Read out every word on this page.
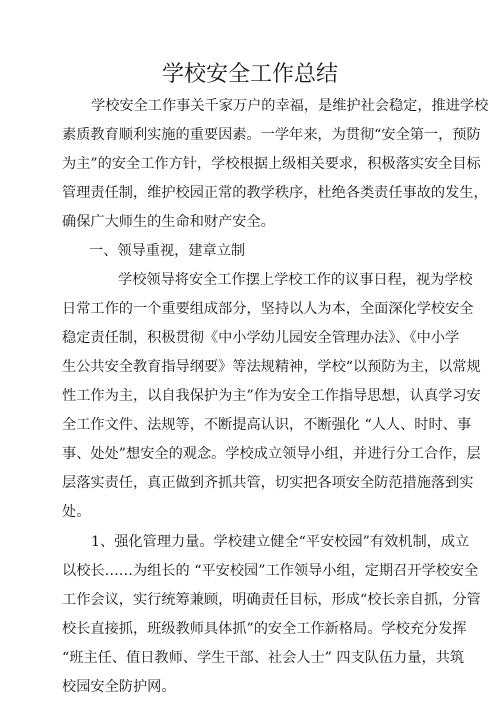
学校安全工作总结

学校安全工作事关千家万户的幸福，是维护社会稳定，推进学校

素质教育顺利实施的重要因素。一学年来，为贯彻“安全第一，预防

为主”的安全工作方针，学校根据上级相关要求，积极落实安全目标

管理责任制，维护校园正常的教学秩序，杜绝各类责任事故的发生，

确保广大师生的生命和财产安全。

一、领导重视，建章立制

学校领导将安全工作摆上学校工作的议事日程，视为学校

日常工作的一个重要组成部分，坚持以人为本，全面深化学校安全

稳定责任制，积极贯彻《中小学幼儿园安全管理办法》、《中小学

生公共安全教育指导纲要》等法规精神，学校“以预防为主，以常规

性工作为主，以自我保护为主”作为安全工作指导思想，认真学习安

全工作文件、法规等，不断提高认识，不断强化 “人人、时时、事

事、处处”想安全的观念。学校成立领导小组，并进行分工合作，层

层落实责任，真正做到齐抓共管，切实把各项安全防范措施落到实

处。

1、强化管理力量。学校建立健全“平安校园”有效机制，成立

以校长……为组长的 “平安校园”工作领导小组，定期召开学校安全

工作会议，实行统筹兼顾，明确责任目标，形成“校长亲自抓，分管

校长直接抓，班级教师具体抓”的安全工作新格局。学校充分发挥

“班主任、值日教师、学生干部、社会人士” 四支队伍力量，共筑

校园安全防护网。
